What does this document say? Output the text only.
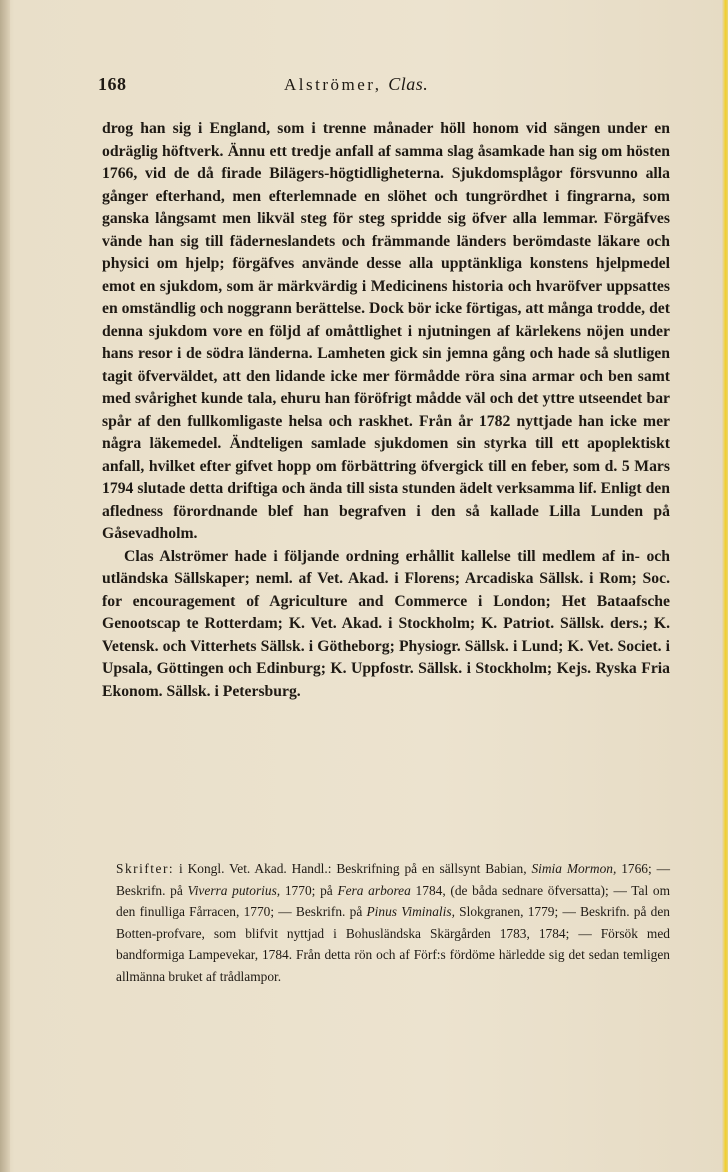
168	Alströmer, Clas.

drog han sig i England, som i trenne månader höll honom vid sängen under en odräglig höftverk. Ännu ett tredje anfall af samma slag åsamkade han sig om hösten 1766, vid de då firade Bilägers-högtidligheterna. Sjukdomsplågor försvunno alla gånger efterhand, men efterlemnade en slöhet och tungrördhet i fingrarna, som ganska långsamt men likväl steg för steg spridde sig öfver alla lemmar. Förgäfves vände han sig till fäderneslandets och främmande länders berömdaste läkare och physici om hjelp; förgäfves använde desse alla upptänkliga konstens hjelpmedel emot en sjukdom, som är märkvärdig i Medicinens historia och hvaröfver uppsattes en omständlig och noggrann berättelse. Dock bör icke förtigas, att många trodde, det denna sjukdom vore en följd af omåttlighet i njutningen af kärlekens nöjen under hans resor i de södra länderna. Lamheten gick sin jemna gång och hade så slutligen tagit öfverväldet, att den lidande icke mer förmådde röra sina armar och ben samt med svårighet kunde tala, ehuru han föröfrigt mådde väl och det yttre utseendet bar spår af den fullkomligaste helsa och raskhet. Från år 1782 nyttjade han icke mer några läkemedel. Ändteligen samlade sjukdomen sin styrka till ett apoplektiskt anfall, hvilket efter gifvet hopp om förbättring öfvergick till en feber, som d. 5 Mars 1794 slutade detta driftiga och ända till sista stunden ädelt verksamma lif. Enligt den afledness förordnande blef han begrafven i den så kallade Lilla Lunden på Gåsevadholm.

Clas Alströmer hade i följande ordning erhållit kallelse till medlem af in- och utländska Sällskaper; neml. af Vet. Akad. i Florens; Arcadiska Sällsk. i Rom; Soc. for encouragement of Agriculture and Commerce i London; Het Bataafsche Genootscap te Rotterdam; K. Vet. Akad. i Stockholm; K. Patriot. Sällsk. ders.; K. Vetensk. och Vitterhets Sällsk. i Götheborg; Physiogr. Sällsk. i Lund; K. Vet. Societ. i Upsala, Göttingen och Edinburg; K. Uppfostr. Sällsk. i Stockholm; Kejs. Ryska Fria Ekonom. Sällsk. i Petersburg.

Skrifter: i Kongl. Vet. Akad. Handl.: Beskrifning på en sällsynt Babian, Simia Mormon, 1766; — Beskrifn. på Viverra putorius, 1770; på Fera arborea 1784, (de båda sednare öfversatta); — Tal om den finulliga Fårracen, 1770; — Beskrifn. på Pinus Viminalis, Slokgranen, 1779; — Beskrifn. på den Botten-profvare, som blifvit nyttjad i Bohusländska Skärgården 1783, 1784; — Försök med bandformiga Lampevekar, 1784. Från detta rön och af Förf:s fördöme härledde sig det sedan temligen allmänna bruket af trådlampor.
